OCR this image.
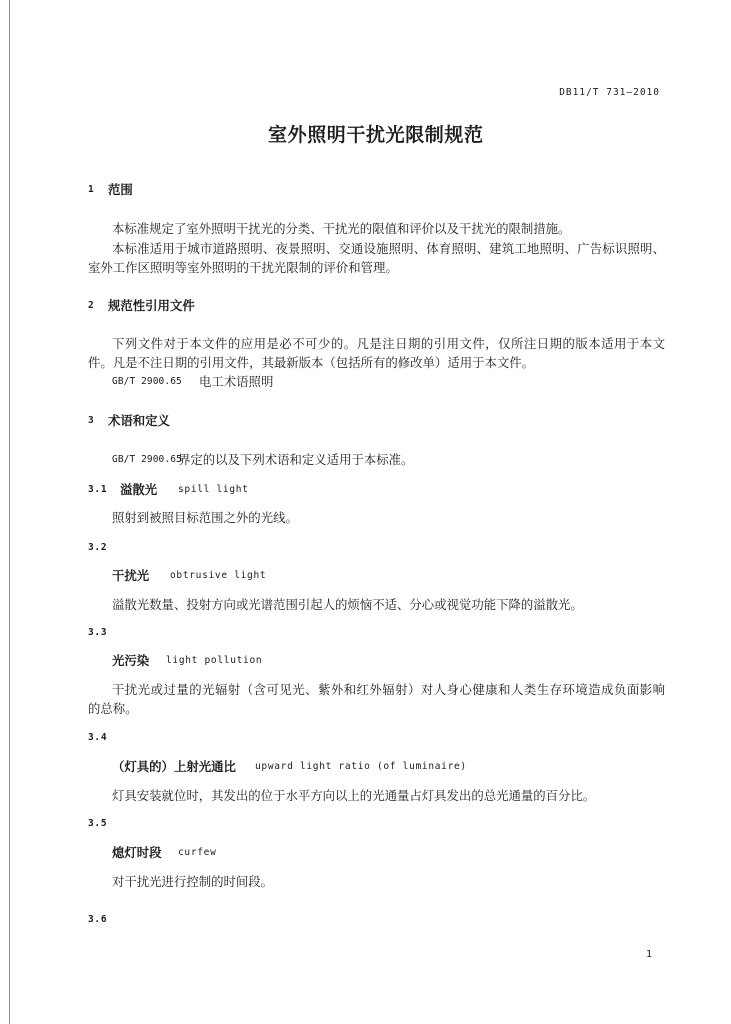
DB11/T 731—2010
室外照明干扰光限制规范
1 范围
本标准规定了室外照明干扰光的分类、干扰光的限值和评价以及干扰光的限制措施。
本标准适用于城市道路照明、夜景照明、交通设施照明、体育照明、建筑工地照明、广告标识照明、
室外工作区照明等室外照明的干扰光限制的评价和管理。
2 规范性引用文件
下列文件对于本文件的应用是必不可少的。凡是注日期的引用文件，仅所注日期的版本适用于本文
件。凡是不注日期的引用文件，其最新版本（包括所有的修改单）适用于本文件。
GB/T 2900.65 电工术语照明
3 术语和定义
GB/T 2900.65
界定的以及下列术语和定义适用于本标准。
3.1 溢散光 spill light
照射到被照目标范围之外的光线。
3.2
干扰光 obtrusive light
溢散光数量、投射方向或光谱范围引起人的烦恼不适、分心或视觉功能下降的溢散光。
3.3
光污染 light pollution
干扰光或过量的光辐射（含可见光、紫外和红外辐射）对人身心健康和人类生存环境造成负面影响
的总称。
3.4
（灯具的）上射光通比 upward light ratio (of luminaire)
灯具安装就位时，其发出的位于水平方向以上的光通量占灯具发出的总光通量的百分比。
3.5
熄灯时段 curfew
对干扰光进行控制的时间段。
3.6
1
